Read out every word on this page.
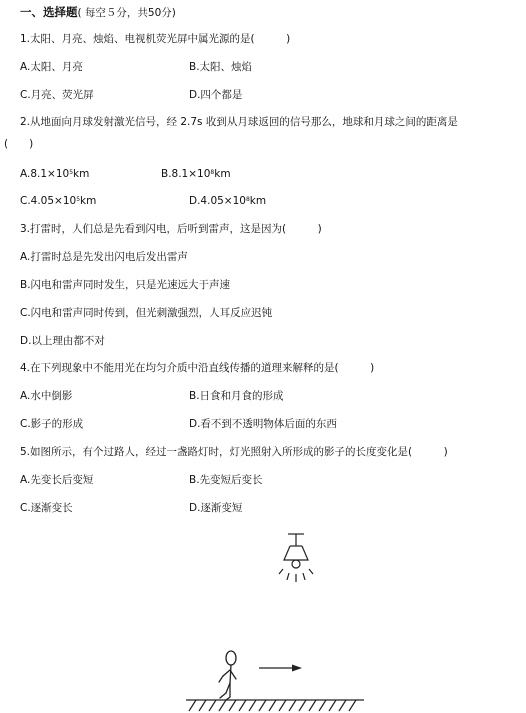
一、选择题( 每空５分，共50分)
1.太阳、月亮、烛焰、电视机荧光屏中属光源的是(　　　)
A.太阳、月亮	B.太阳、烛焰
C.月亮、荧光屏	D.四个都是
2.从地面向月球发射激光信号，经 2.7s 收到从月球返回的信号那么，地球和月球之间的距离是
(　　)
$A.8.1\times 10^5km$	$B.8.1\times 10^8km$
$C.4.05\times 10^5km$	$D.4.05\times 10^8km$
3.打雷时，人们总是先看到闪电，后听到雷声，这是因为(　　　)
A.打雷时总是先发出闪电后发出雷声
B.闪电和雷声同时发生，只是光速远大于声速
C.闪电和雷声同时传到，但光刺激强烈，人耳反应迟钝
D.以上理由都不对
4.在下列现象中不能用光在均匀介质中沿直线传播的道理来解释的是(　　　)
A.水中倒影	B.日食和月食的形成
C.影子的形成	D.看不到不透明物体后面的东西
5.如图所示，有个过路人，经过一盏路灯时，灯光照射入所形成的影子的长度变化是(　　　)
A.先变长后变短	B.先变短后变长
C.逐渐变长	D.逐渐变短
